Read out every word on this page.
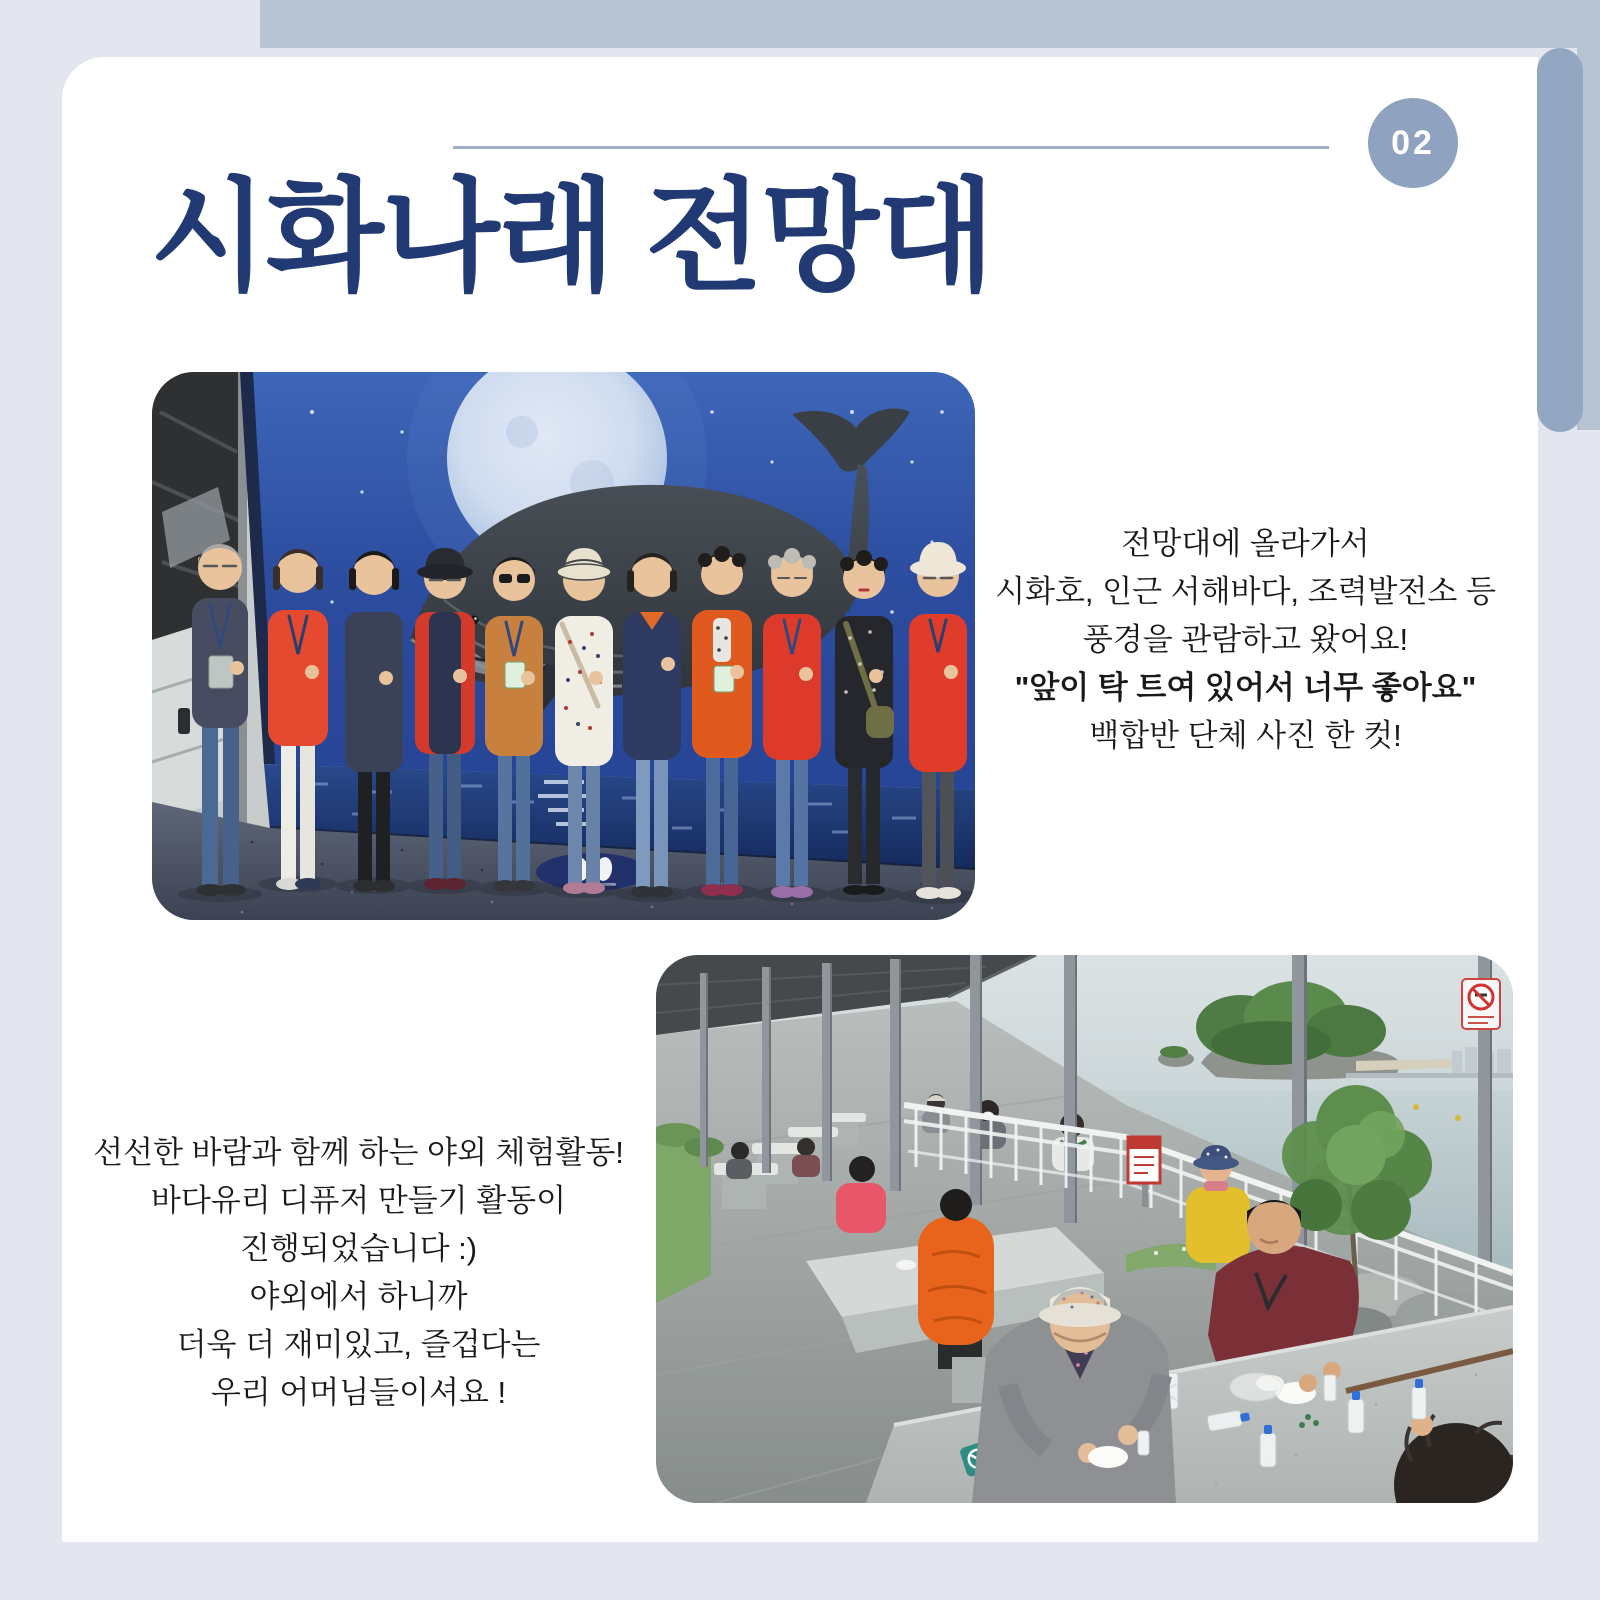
02
시화나래 전망대
전망대에 올라가서
시화호, 인근 서해바다, 조력발전소 등
풍경을 관람하고 왔어요!
"앞이 탁 트여 있어서 너무 좋아요"
백합반 단체 사진 한 컷!
선선한 바람과 함께 하는 야외 체험활동!
바다유리 디퓨저 만들기 활동이
진행되었습니다 :)
야외에서 하니까
더욱 더 재미있고, 즐겁다는
우리 어머님들이셔요 !
